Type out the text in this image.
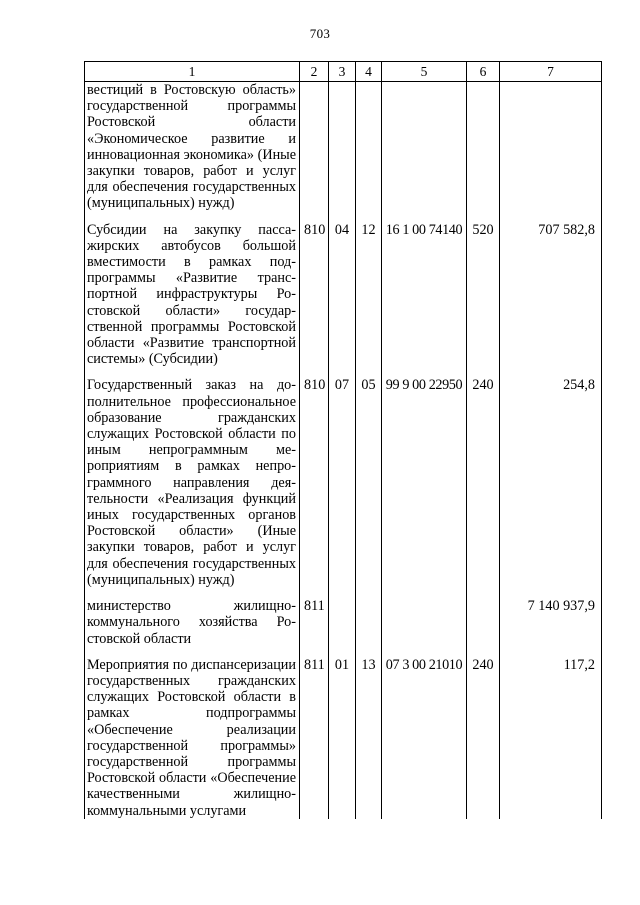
703
1	2	3	4	5	6	7
вестиций в Ростовскую область» государственной программы Ростовской области «Экономическое развитие и инновационная экономика» (Иные закупки товаров, работ и услуг для обеспечения государственных (муниципальных) нужд)						
Субсидии на закупку пассажирских автобусов большой вместимости в рамках подпрограммы «Развитие транспортной инфраструктуры Ростовской области» государственной программы Ростовской области «Развитие транспортной системы» (Субсидии)	810	04	12	16 1 00 74140	520	707 582,8
Государственный заказ на дополнительное профессиональное образование гражданских служащих Ростовской области по иным непрограммным мероприятиям в рамках непрограммного направления деятельности «Реализация функций иных государственных органов Ростовской области» (Иные закупки товаров, работ и услуг для обеспечения государственных (муниципальных) нужд)	810	07	05	99 9 00 22950	240	254,8
министерство жилищно-коммунального хозяйства Ростовской области	811					7 140 937,9
Мероприятия по диспансеризации государственных гражданских служащих Ростовской области в рамках подпрограммы «Обеспечение реализации государственной программы» государственной программы Ростовской области «Обеспечение качественными жилищно-коммунальными услугами	811	01	13	07 3 00 21010	240	117,2
